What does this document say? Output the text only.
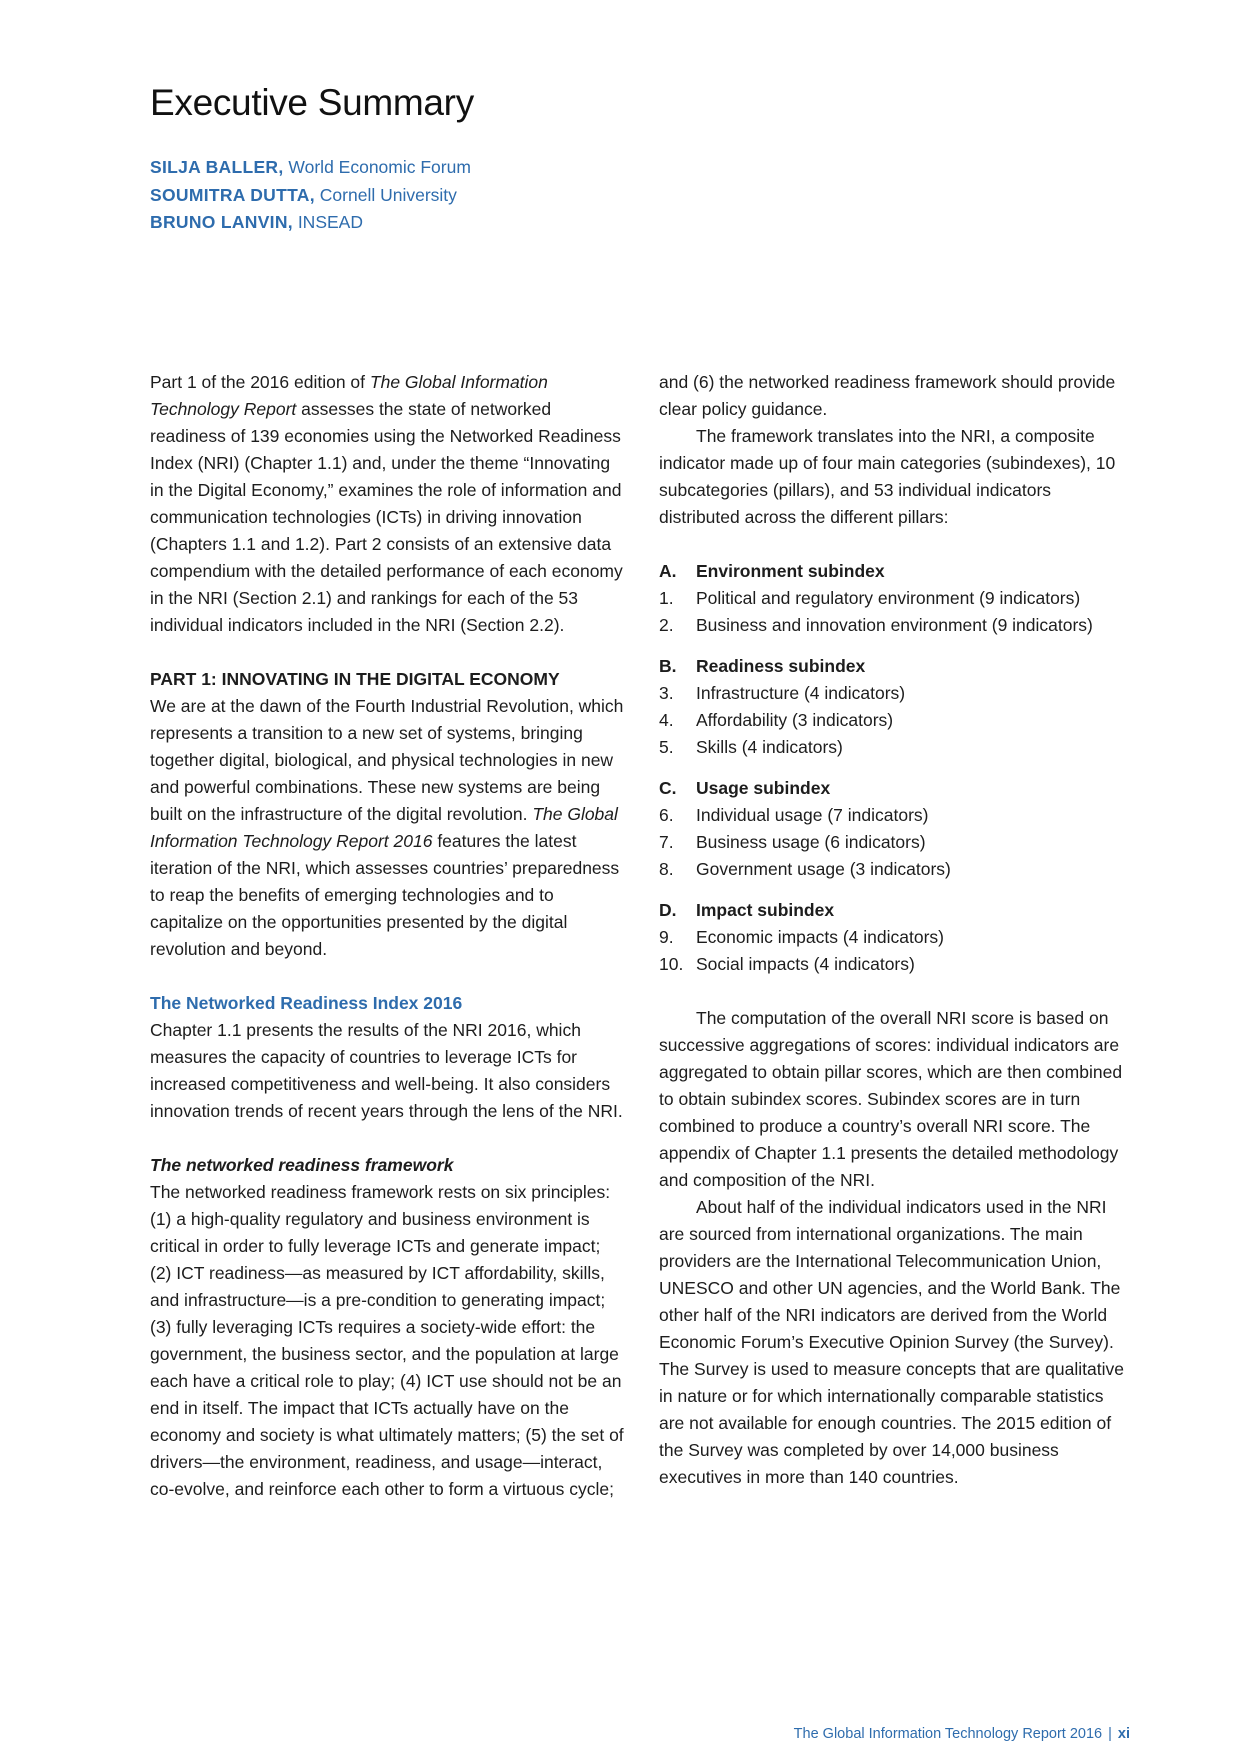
Executive Summary
SILJA BALLER, World Economic Forum
SOUMITRA DUTTA, Cornell University
BRUNO LANVIN, INSEAD

Part 1 of the 2016 edition of The Global Information Technology Report assesses the state of networked readiness of 139 economies using the Networked Readiness Index (NRI) (Chapter 1.1) and, under the theme “Innovating in the Digital Economy,” examines the role of information and communication technologies (ICTs) in driving innovation (Chapters 1.1 and 1.2). Part 2 consists of an extensive data compendium with the detailed performance of each economy in the NRI (Section 2.1) and rankings for each of the 53 individual indicators included in the NRI (Section 2.2).

PART 1: INNOVATING IN THE DIGITAL ECONOMY

We are at the dawn of the Fourth Industrial Revolution, which represents a transition to a new set of systems, bringing together digital, biological, and physical technologies in new and powerful combinations. These new systems are being built on the infrastructure of the digital revolution. The Global Information Technology Report 2016 features the latest iteration of the NRI, which assesses countries’ preparedness to reap the benefits of emerging technologies and to capitalize on the opportunities presented by the digital revolution and beyond.

The Networked Readiness Index 2016

Chapter 1.1 presents the results of the NRI 2016, which measures the capacity of countries to leverage ICTs for increased competitiveness and well-being. It also considers innovation trends of recent years through the lens of the NRI.

The networked readiness framework

The networked readiness framework rests on six principles: (1) a high-quality regulatory and business environment is critical in order to fully leverage ICTs and generate impact; (2) ICT readiness—as measured by ICT affordability, skills, and infrastructure—is a pre-condition to generating impact; (3) fully leveraging ICTs requires a society-wide effort: the government, the business sector, and the population at large each have a critical role to play; (4) ICT use should not be an end in itself. The impact that ICTs actually have on the economy and society is what ultimately matters; (5) the set of drivers—the environment, readiness, and usage—interact, co-evolve, and reinforce each other to form a virtuous cycle;

and (6) the networked readiness framework should provide clear policy guidance.

The framework translates into the NRI, a composite indicator made up of four main categories (subindexes), 10 subcategories (pillars), and 53 individual indicators distributed across the different pillars:

A.	Environment subindex
1.	Political and regulatory environment (9 indicators)
2.	Business and innovation environment (9 indicators)
B.	Readiness subindex
3.	Infrastructure (4 indicators)
4.	Affordability (3 indicators)
5.	Skills (4 indicators)
C.	Usage subindex
6.	Individual usage (7 indicators)
7.	Business usage (6 indicators)
8.	Government usage (3 indicators)
D.	Impact subindex
9.	Economic impacts (4 indicators)
10. Social impacts (4 indicators)

The computation of the overall NRI score is based on successive aggregations of scores: individual indicators are aggregated to obtain pillar scores, which are then combined to obtain subindex scores. Subindex scores are in turn combined to produce a country’s overall NRI score. The appendix of Chapter 1.1 presents the detailed methodology and composition of the NRI.

About half of the individual indicators used in the NRI are sourced from international organizations. The main providers are the International Telecommunication Union, UNESCO and other UN agencies, and the World Bank. The other half of the NRI indicators are derived from the World Economic Forum’s Executive Opinion Survey (the Survey). The Survey is used to measure concepts that are qualitative in nature or for which internationally comparable statistics are not available for enough countries. The 2015 edition of the Survey was completed by over 14,000 business executives in more than 140 countries.

The Global Information Technology Report 2016 | xi
